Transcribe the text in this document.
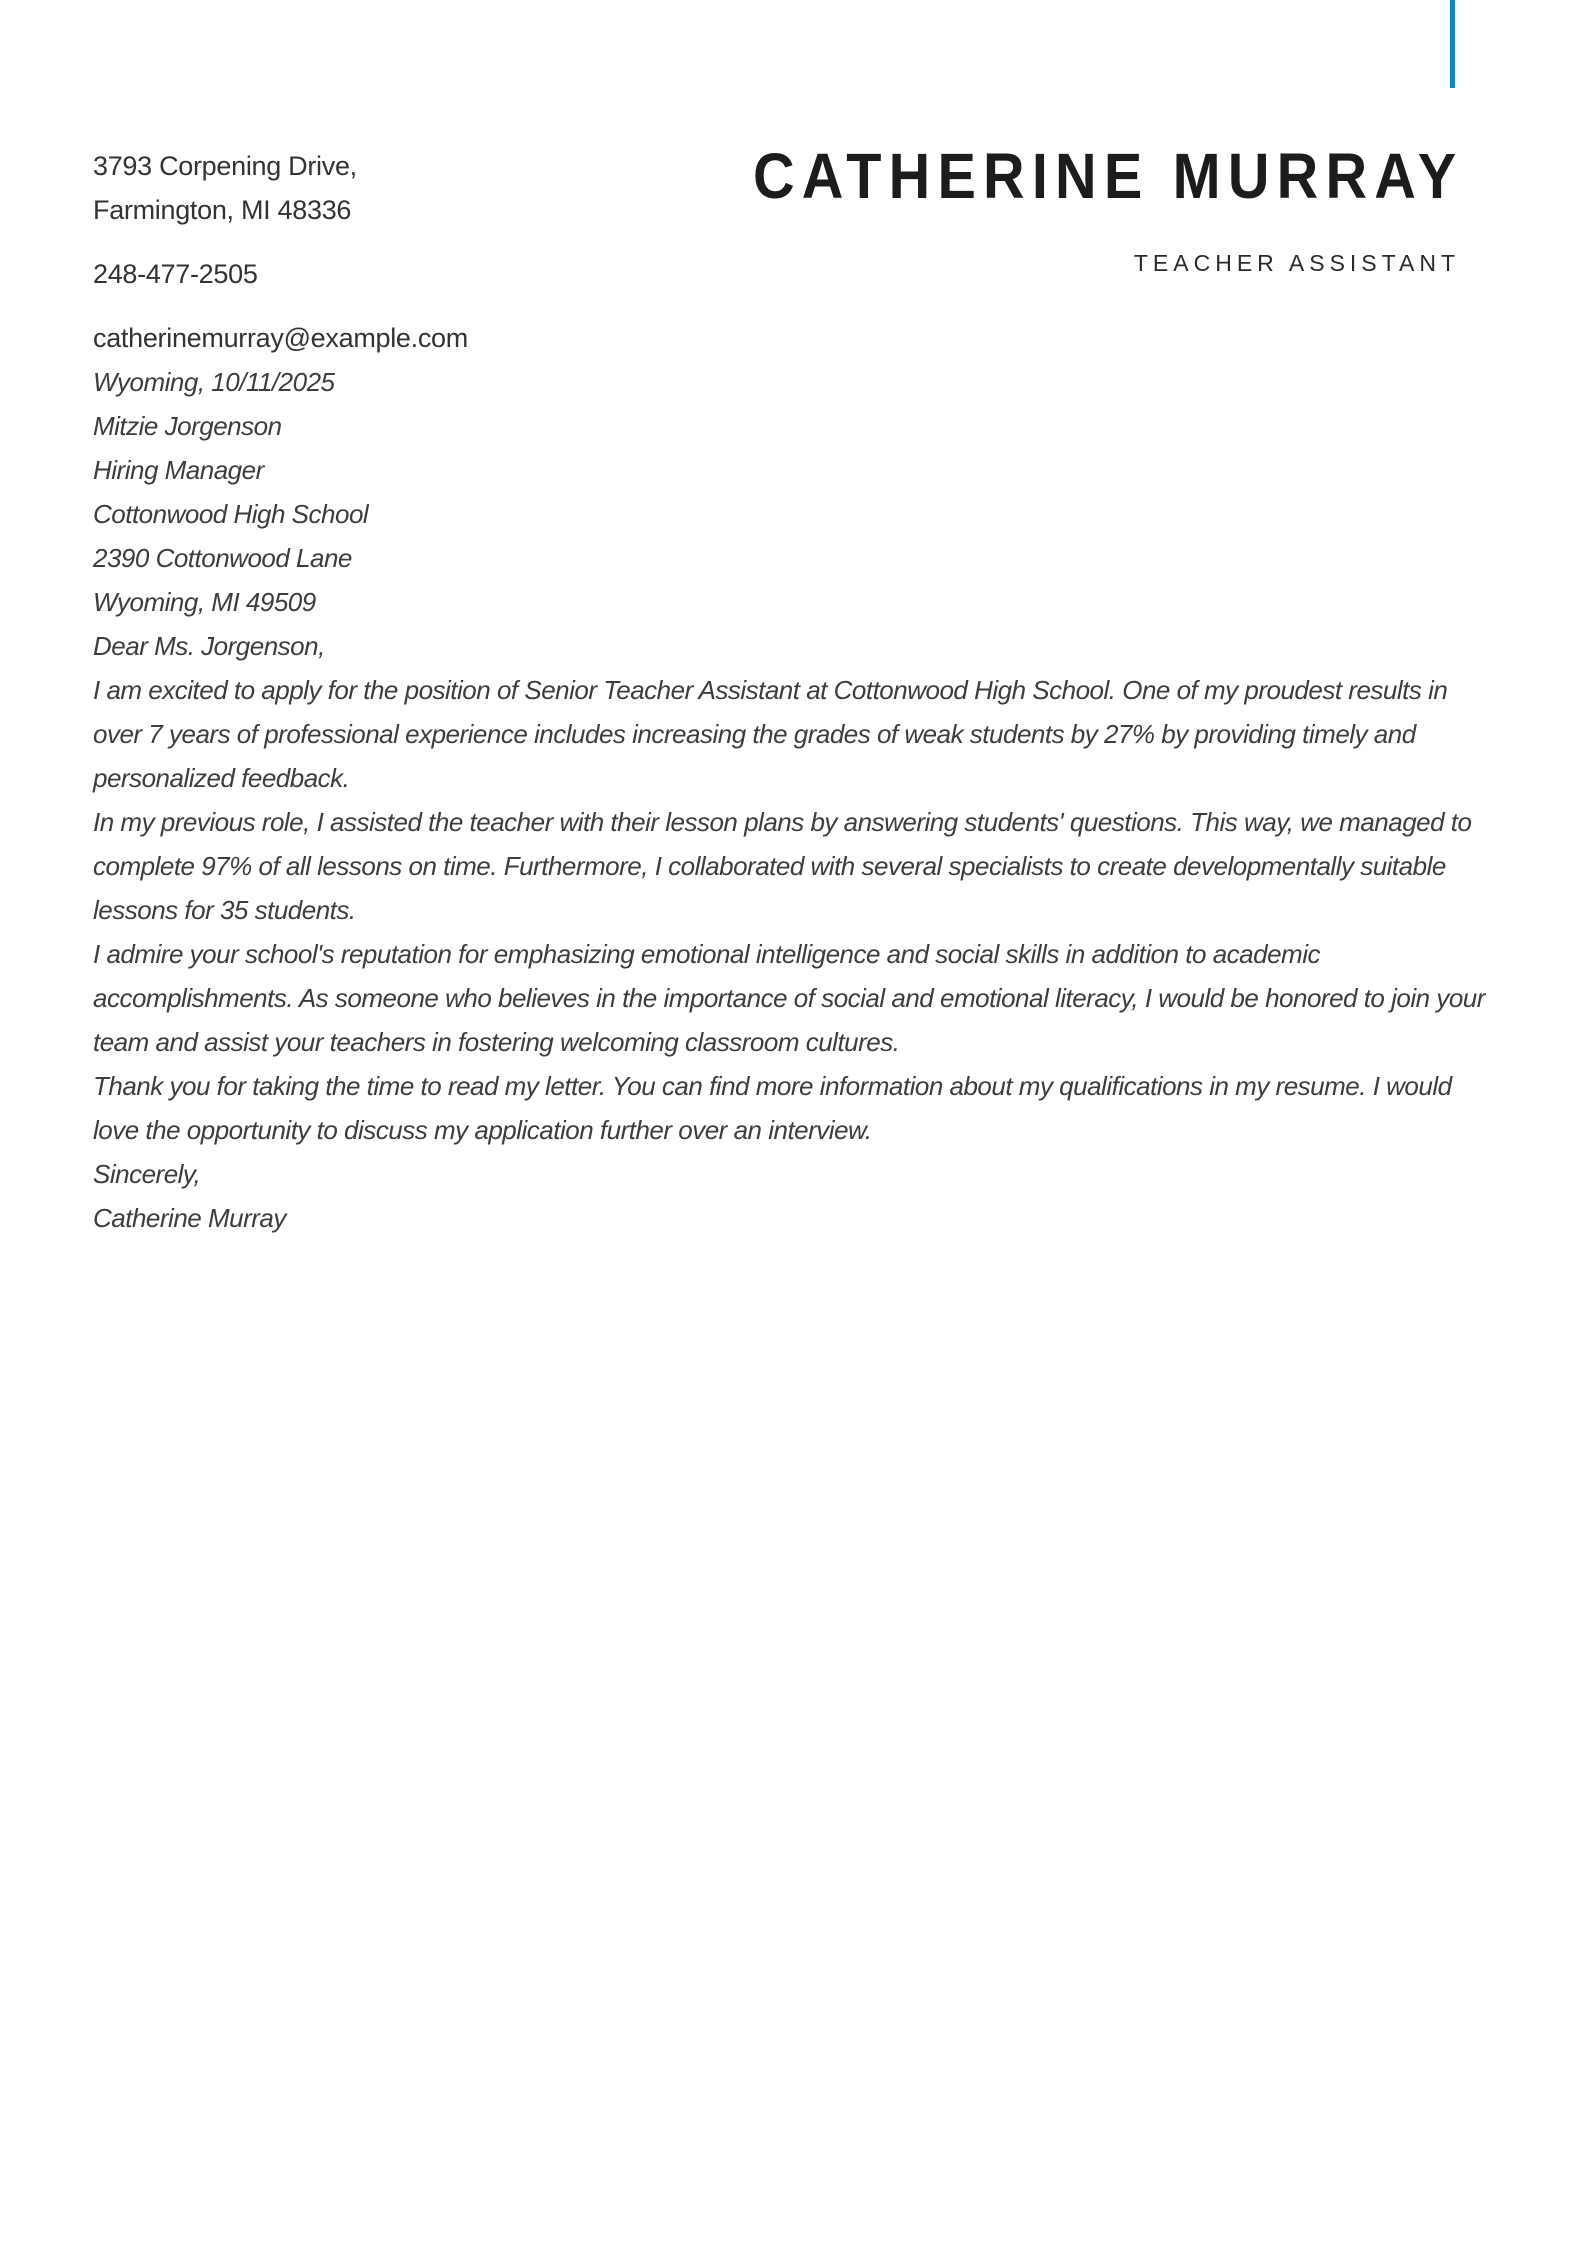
3793 Corpening Drive,

Farmington, MI 48336

248-477-2505

catherinemurray@example.com

CATHERINE MURRAY
TEACHER ASSISTANT

Wyoming, 10/11/2025

Mitzie Jorgenson

Hiring Manager

Cottonwood High School

2390 Cottonwood Lane

Wyoming, MI 49509

Dear Ms. Jorgenson,

I am excited to apply for the position of Senior Teacher Assistant at Cottonwood High School. One of my proudest results in over 7 years of professional experience includes increasing the grades of weak students by 27% by providing timely and personalized feedback.

In my previous role, I assisted the teacher with their lesson plans by answering students' questions. This way, we managed to complete 97% of all lessons on time. Furthermore, I collaborated with several specialists to create developmentally suitable lessons for 35 students.

I admire your school's reputation for emphasizing emotional intelligence and social skills in addition to academic accomplishments. As someone who believes in the importance of social and emotional literacy, I would be honored to join your team and assist your teachers in fostering welcoming classroom cultures.

Thank you for taking the time to read my letter. You can find more information about my qualifications in my resume. I would love the opportunity to discuss my application further over an interview.

Sincerely,

Catherine Murray
